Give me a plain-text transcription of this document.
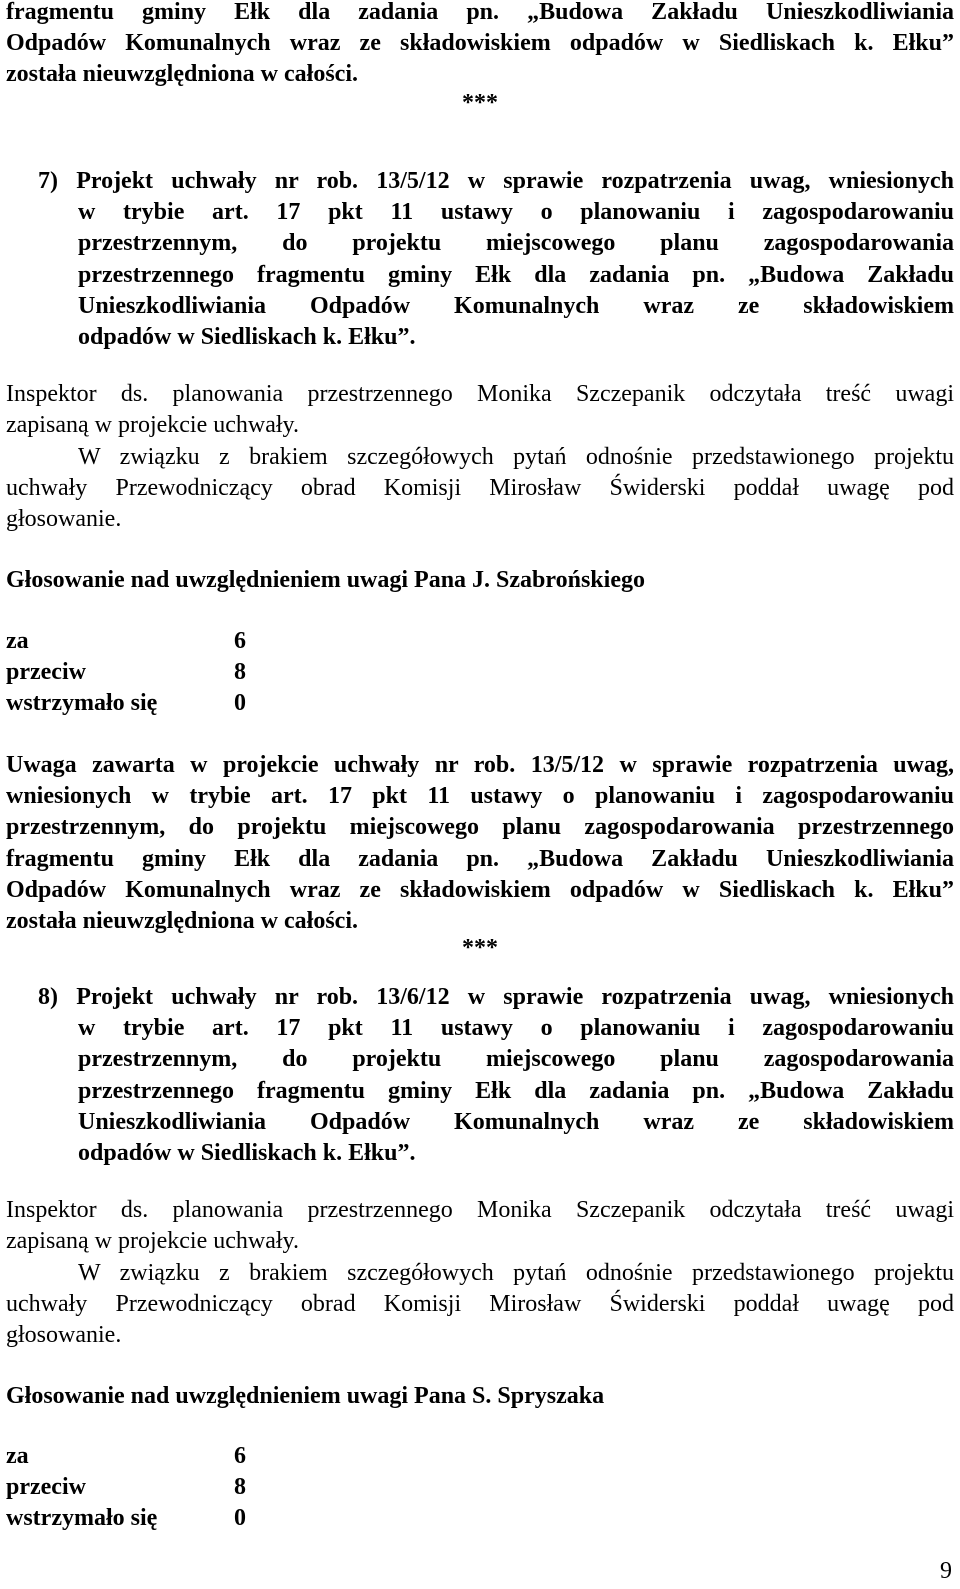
fragmentu gminy Ełk dla zadania pn. „Budowa Zakładu Unieszkodliwiania
Odpadów Komunalnych wraz ze składowiskiem odpadów w Siedliskach k. Ełku”
została nieuwzględniona w całości.
***
7) Projekt uchwały nr rob. 13/5/12 w sprawie rozpatrzenia uwag, wniesionych
w trybie art. 17 pkt 11 ustawy o planowaniu i zagospodarowaniu
przestrzennym, do projektu miejscowego planu zagospodarowania
przestrzennego fragmentu gminy Ełk dla zadania pn. „Budowa Zakładu
Unieszkodliwiania Odpadów Komunalnych wraz ze składowiskiem
odpadów w Siedliskach k. Ełku”.
Inspektor ds. planowania przestrzennego Monika Szczepanik odczytała treść uwagi
zapisaną w projekcie uchwały.
W związku z brakiem szczegółowych pytań odnośnie przedstawionego projektu
uchwały Przewodniczący obrad Komisji Mirosław Świderski poddał uwagę pod
głosowanie.
Głosowanie nad uwzględnieniem uwagi Pana J. Szabrońskiego
za	6
przeciw	8
wstrzymało się	0
Uwaga zawarta w projekcie uchwały nr rob. 13/5/12 w sprawie rozpatrzenia uwag,
wniesionych w trybie art. 17 pkt 11 ustawy o planowaniu i zagospodarowaniu
przestrzennym, do projektu miejscowego planu zagospodarowania przestrzennego
fragmentu gminy Ełk dla zadania pn. „Budowa Zakładu Unieszkodliwiania
Odpadów Komunalnych wraz ze składowiskiem odpadów w Siedliskach k. Ełku”
została nieuwzględniona w całości.
***
8) Projekt uchwały nr rob. 13/6/12 w sprawie rozpatrzenia uwag, wniesionych
w trybie art. 17 pkt 11 ustawy o planowaniu i zagospodarowaniu
przestrzennym, do projektu miejscowego planu zagospodarowania
przestrzennego fragmentu gminy Ełk dla zadania pn. „Budowa Zakładu
Unieszkodliwiania Odpadów Komunalnych wraz ze składowiskiem
odpadów w Siedliskach k. Ełku”.
Inspektor ds. planowania przestrzennego Monika Szczepanik odczytała treść uwagi
zapisaną w projekcie uchwały.
W związku z brakiem szczegółowych pytań odnośnie przedstawionego projektu
uchwały Przewodniczący obrad Komisji Mirosław Świderski poddał uwagę pod
głosowanie.
Głosowanie nad uwzględnieniem uwagi Pana S. Spryszaka
za	6
przeciw	8
wstrzymało się	0
9
